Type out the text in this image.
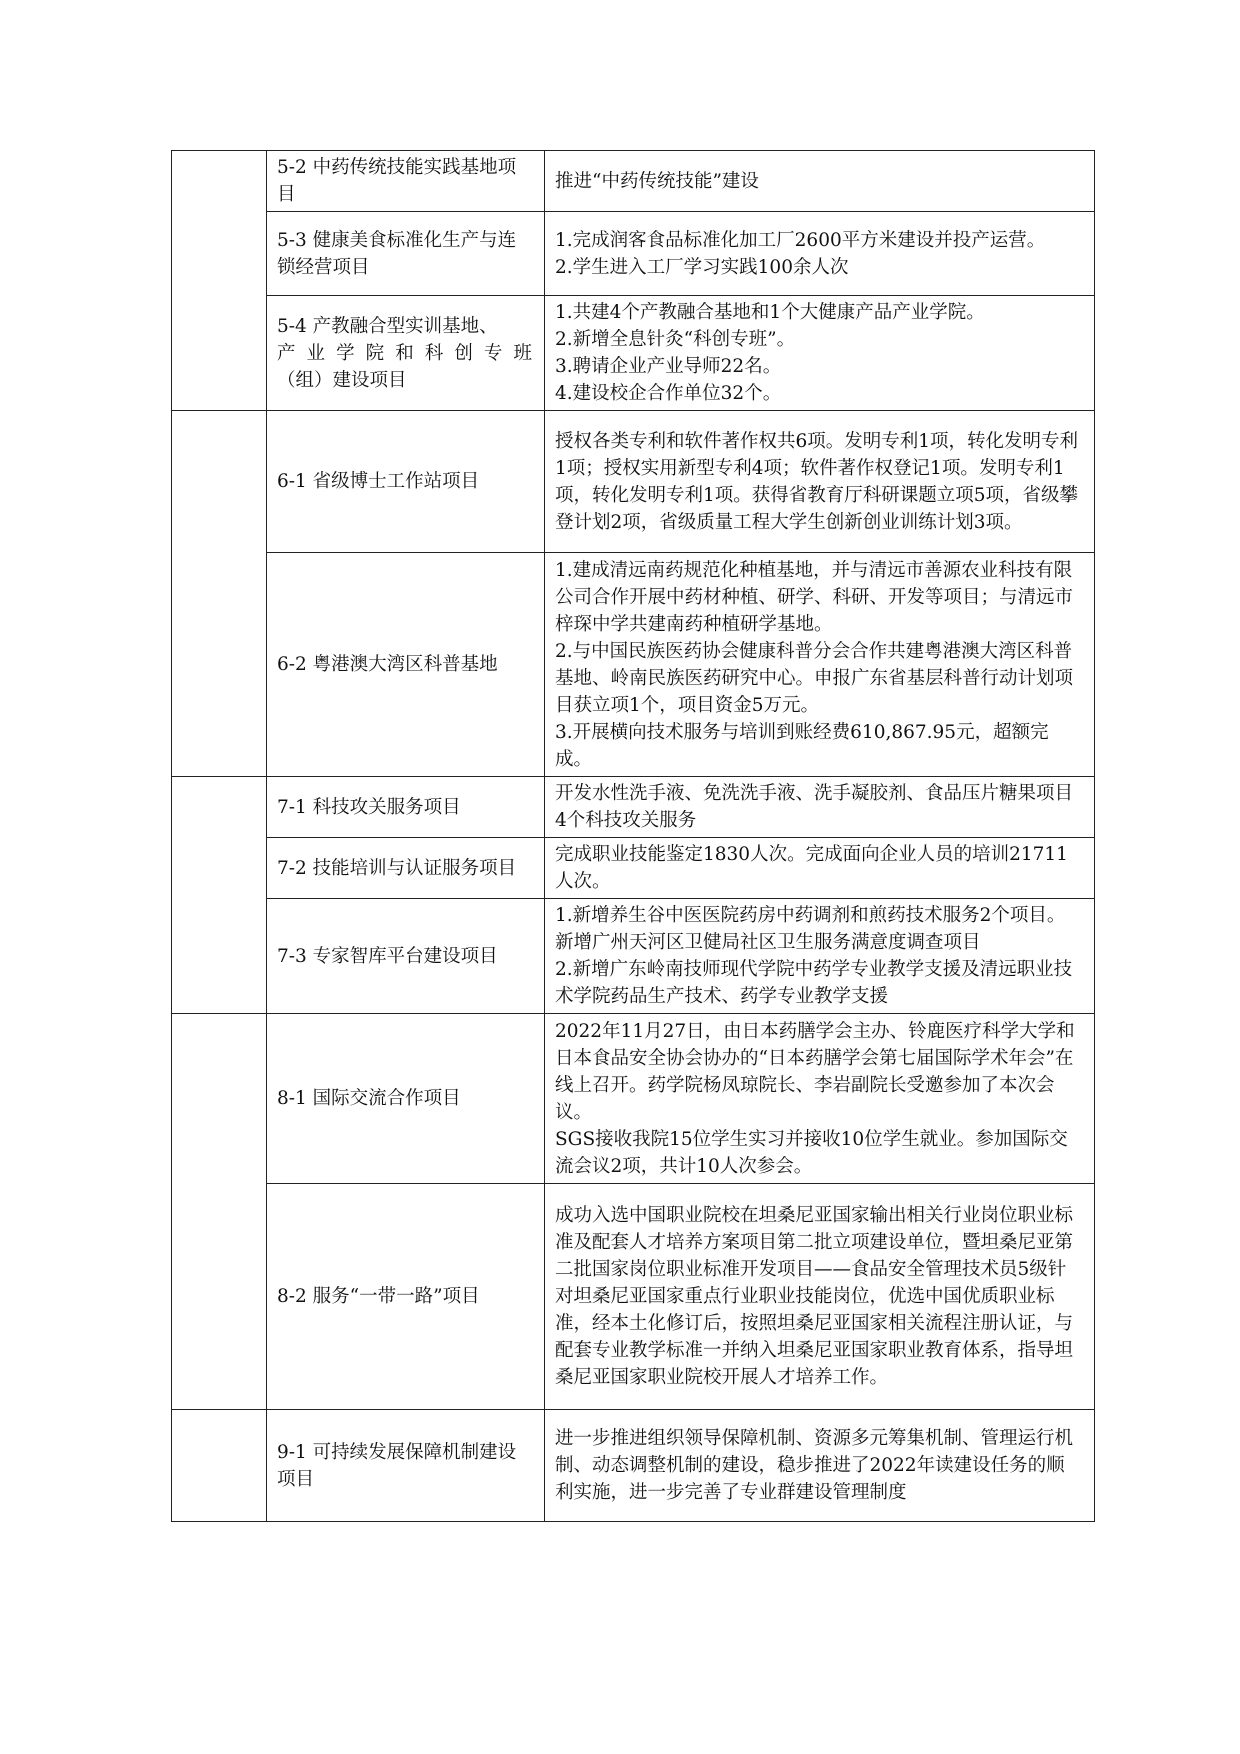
	5-2 中药传统技能实践基地项目	推进“中药传统技能”建设

	5-3 健康美食标准化生产与连锁经营项目	1.完成润客食品标准化加工厂2600平方米建设并投产运营。
2.学生进入工厂学习实践100余人次

	5-4 产教融合型实训基地、
产业学院和科创专班
（组）建设项目	1.共建4个产教融合基地和1个大健康产品产业学院。
2.新增全息针灸“科创专班”。
3.聘请企业产业导师22名。
4.建设校企合作单位32个。

	6-1 省级博士工作站项目	授权各类专利和软件著作权共6项。发明专利1项，转化发明专利1项；授权实用新型专利4项；软件著作权登记1项。发明专利1项，转化发明专利1项。获得省教育厅科研课题立项5项，省级攀登计划2项，省级质量工程大学生创新创业训练计划3项。

	6-2 粤港澳大湾区科普基地	1.建成清远南药规范化种植基地，并与清远市善源农业科技有限公司合作开展中药材种植、研学、科研、开发等项目；与清远市梓琛中学共建南药种植研学基地。
2.与中国民族医药协会健康科普分会合作共建粤港澳大湾区科普基地、岭南民族医药研究中心。申报广东省基层科普行动计划项目获立项1个，项目资金5万元。
3.开展横向技术服务与培训到账经费610,867.95元，超额完成。

	7-1 科技攻关服务项目	开发水性洗手液、免洗洗手液、洗手凝胶剂、食品压片糖果项目4个科技攻关服务

	7-2 技能培训与认证服务项目	完成职业技能鉴定1830人次。完成面向企业人员的培训21711人次。

	7-3 专家智库平台建设项目	1.新增养生谷中医医院药房中药调剂和煎药技术服务2个项目。新增广州天河区卫健局社区卫生服务满意度调查项目
2.新增广东岭南技师现代学院中药学专业教学支援及清远职业技术学院药品生产技术、药学专业教学支援

	8-1 国际交流合作项目	2022年11月27日，由日本药膳学会主办、铃鹿医疗科学大学和日本食品安全协会协办的“日本药膳学会第七届国际学术年会”在线上召开。药学院杨凤琼院长、李岩副院长受邀参加了本次会议。
SGS接收我院15位学生实习并接收10位学生就业。参加国际交流会议2项，共计10人次参会。

	8-2 服务“一带一路”项目	成功入选中国职业院校在坦桑尼亚国家输出相关行业岗位职业标准及配套人才培养方案项目第二批立项建设单位，暨坦桑尼亚第二批国家岗位职业标准开发项目——食品安全管理技术员5级针对坦桑尼亚国家重点行业职业技能岗位，优选中国优质职业标准，经本土化修订后，按照坦桑尼亚国家相关流程注册认证，与配套专业教学标准一并纳入坦桑尼亚国家职业教育体系，指导坦桑尼亚国家职业院校开展人才培养工作。

	9-1 可持续发展保障机制建设项目	进一步推进组织领导保障机制、资源多元筹集机制、管理运行机制、动态调整机制的建设，稳步推进了2022年读建设任务的顺利实施，进一步完善了专业群建设管理制度
